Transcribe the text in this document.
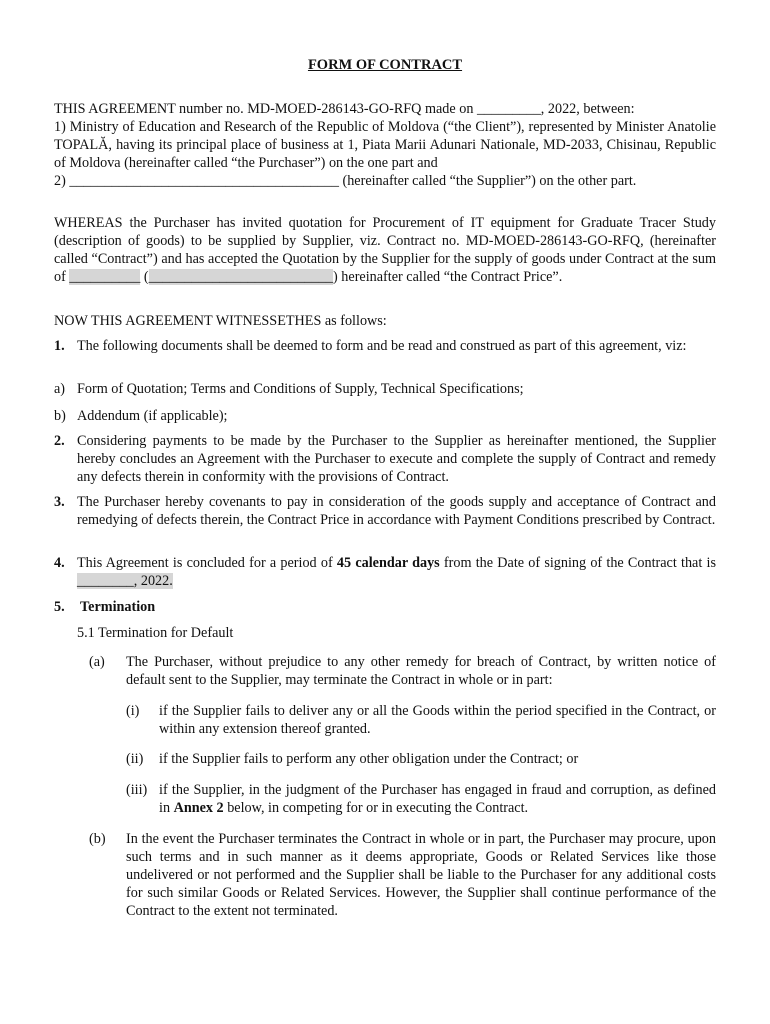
FORM OF CONTRACT
THIS AGREEMENT number no. MD-MOED-286143-GO-RFQ made on _________, 2022, between:
1) Ministry of Education and Research of the Republic of Moldova (“the Client”), represented by Minister Anatolie TOPALĂ, having its principal place of business at 1, Piata Marii Adunari Nationale, MD-2033, Chisinau, Republic of Moldova (hereinafter called “the Purchaser”) on the one part and
2) ______________________________________ (hereinafter called “the Supplier”) on the other part.
WHEREAS the Purchaser has invited quotation for Procurement of IT equipment for Graduate Tracer Study (description of goods) to be supplied by Supplier, viz. Contract no. MD-MOED-286143-GO-RFQ, (hereinafter called “Contract”) and has accepted the Quotation by the Supplier for the supply of goods under Contract at the sum of __________ (__________________________) hereinafter called “the Contract Price”.
NOW THIS AGREEMENT WITNESSETHES as follows:
1. The following documents shall be deemed to form and be read and construed as part of this agreement, viz:
a) Form of Quotation; Terms and Conditions of Supply, Technical Specifications;
b) Addendum (if applicable);
2. Considering payments to be made by the Purchaser to the Supplier as hereinafter mentioned, the Supplier hereby concludes an Agreement with the Purchaser to execute and complete the supply of Contract and remedy any defects therein in conformity with the provisions of Contract.
3. The Purchaser hereby covenants to pay in consideration of the goods supply and acceptance of Contract and remedying of defects therein, the Contract Price in accordance with Payment Conditions prescribed by Contract.
4. This Agreement is concluded for a period of 45 calendar days from the Date of signing of the Contract that is ________, 2022.
5. Termination
5.1 Termination for Default
(a) The Purchaser, without prejudice to any other remedy for breach of Contract, by written notice of default sent to the Supplier, may terminate the Contract in whole or in part:
(i) if the Supplier fails to deliver any or all the Goods within the period specified in the Contract, or within any extension thereof granted.
(ii) if the Supplier fails to perform any other obligation under the Contract; or
(iii) if the Supplier, in the judgment of the Purchaser has engaged in fraud and corruption, as defined in Annex 2 below, in competing for or in executing the Contract.
(b) In the event the Purchaser terminates the Contract in whole or in part, the Purchaser may procure, upon such terms and in such manner as it deems appropriate, Goods or Related Services like those undelivered or not performed and the Supplier shall be liable to the Purchaser for any additional costs for such similar Goods or Related Services. However, the Supplier shall continue performance of the Contract to the extent not terminated.
